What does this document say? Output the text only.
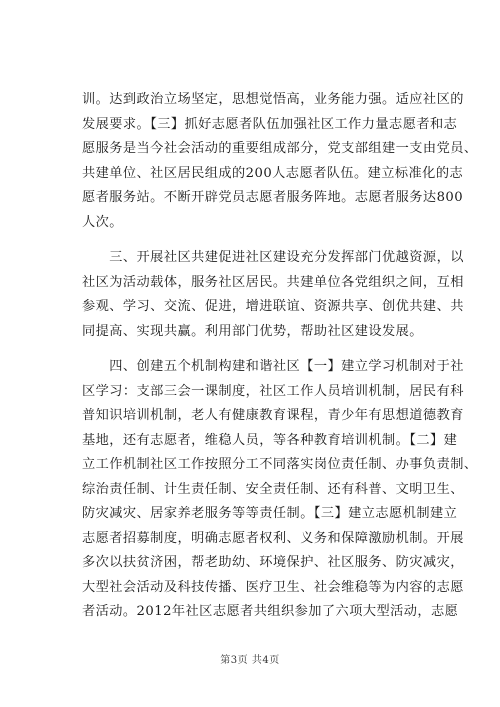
训。达到政治立场坚定，思想觉悟高，业务能力强。适应社区的
发展要求。【三】抓好志愿者队伍加强社区工作力量志愿者和志
愿服务是当今社会活动的重要组成部分，党支部组建一支由党员、
共建单位、社区居民组成的200人志愿者队伍。建立标准化的志
愿者服务站。不断开辟党员志愿者服务阵地。志愿者服务达800
人次。
　　三、开展社区共建促进社区建设充分发挥部门优越资源，以
社区为活动载体，服务社区居民。共建单位各党组织之间，互相
参观、学习、交流、促进，增进联谊、资源共享、创优共建、共
同提高、实现共赢。利用部门优势，帮助社区建设发展。
　　四、创建五个机制构建和谐社区【一】建立学习机制对于社
区学习：支部三会一课制度，社区工作人员培训机制，居民有科
普知识培训机制，老人有健康教育课程，青少年有思想道德教育
基地，还有志愿者，维稳人员，等各种教育培训机制。【二】建
立工作机制社区工作按照分工不同落实岗位责任制、办事负责制、
综治责任制、计生责任制、安全责任制、还有科普、文明卫生、
防灾减灾、居家养老服务等等责任制。【三】建立志愿机制建立
志愿者招募制度，明确志愿者权利、义务和保障激励机制。开展
多次以扶贫济困，帮老助幼、环境保护、社区服务、防灾减灾，
大型社会活动及科技传播、医疗卫生、社会维稳等为内容的志愿
者活动。2012年社区志愿者共组织参加了六项大型活动，志愿
第3页 共4页
